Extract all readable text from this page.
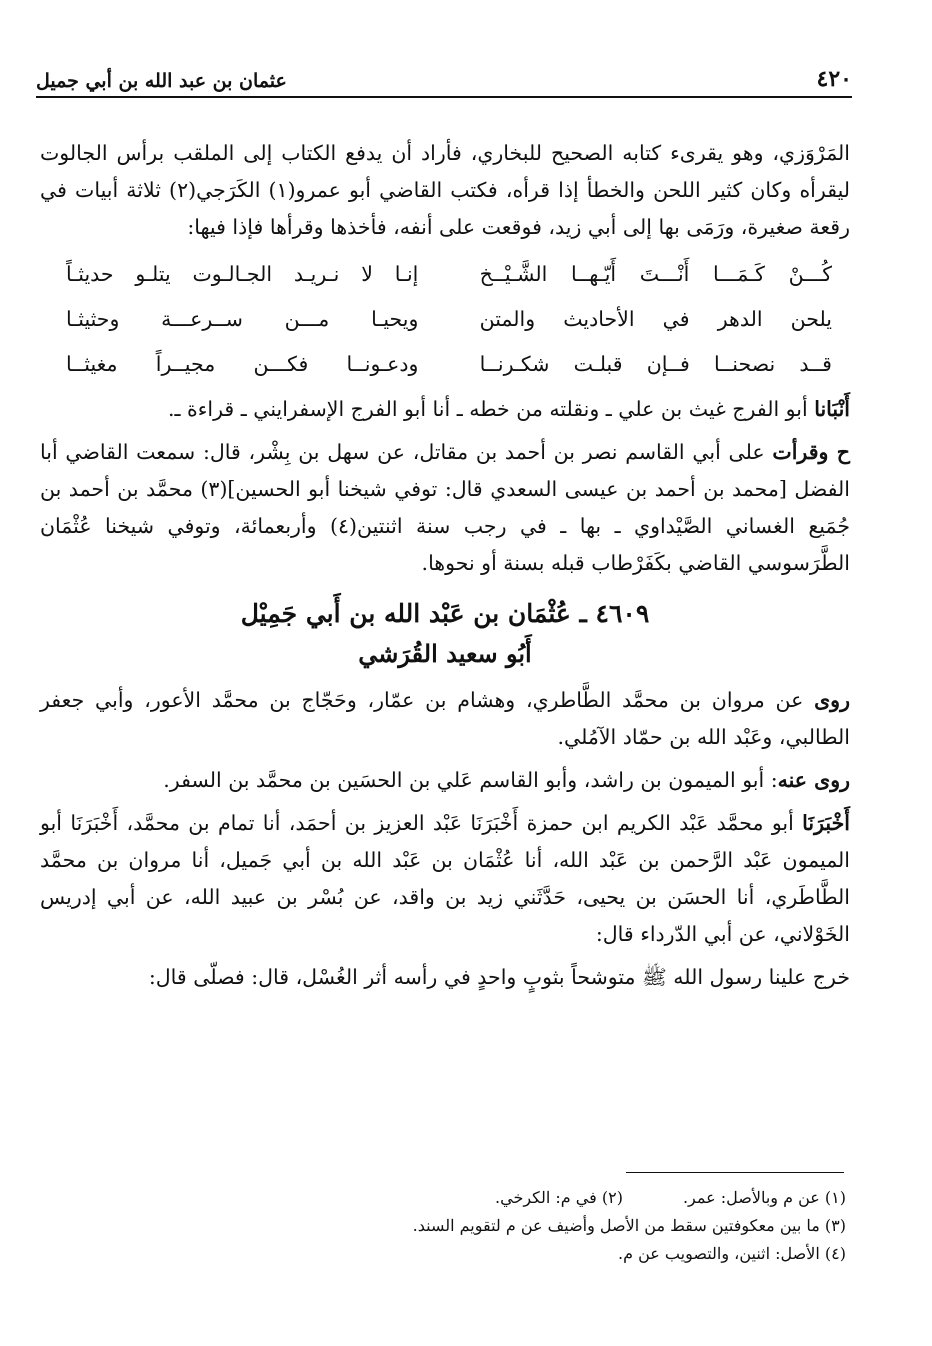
عثمان بن عبد الله بن أبي جميل	٤٢٠

المَرْوَزي، وهو يقرىء كتابه الصحيح للبخاري، فأراد أن يدفع الكتاب إلى الملقب برأس الجالوت ليقرأه وكان كثير اللحن والخطأ إذا قرأه، فكتب القاضي أبو عمرو(١) الكَرَجي(٢) ثلاثة أبيات في رقعة صغيرة، ورَمَى بها إلى أبي زيد، فوقعت على أنفه، فأخذها وقرأها فإذا فيها:

كُـــنْ كَـمَـــا أَنْـــتَ أَيّـهــا الشَّـيْــخ
إنـا لا نـريـد الجـالـوت يتلـو حديثـاً
يلحن الدهر في الأحاديث والمتن
ويحيـا مـــن ســرعـــة وحثيثـا
قــد نصحنــا فــإن قبلـت شكـرنــا
ودعـونــا فكـــن مجيــراً مغيثــا

أَنْبَانا أبو الفرج غيث بن علي ـ ونقلته من خطه ـ أنا أبو الفرج الإسفرايني ـ قراءة ـ.

ح وقرأت على أبي القاسم نصر بن أحمد بن مقاتل، عن سهل بن بِشْر، قال: سمعت القاضي أبا الفضل [محمد بن أحمد بن عيسى السعدي قال: توفي شيخنا أبو الحسين](٣) محمَّد بن أحمد بن جُمَيع الغساني الصَّيْداوي ـ بها ـ في رجب سنة اثنتين(٤) وأربعمائة، وتوفي شيخنا عُثْمَان الطَّرَسوسي القاضي بكَفَرْطاب قبله بسنة أو نحوها.

٤٦٠٩ ـ عُثْمَان بن عَبْد الله بن أَبي جَمِيْل
أَبُو سعيد القُرَشي

روى عن مروان بن محمَّد الطَّاطري، وهشام بن عمّار، وحَجّاج بن محمَّد الأعور، وأبي جعفر الطالبي، وعَبْد الله بن حمّاد الآمُلي.

روى عنه: أبو الميمون بن راشد، وأبو القاسم عَلي بن الحسَين بن محمَّد بن السفر.

أَخْبَرَنَا أبو محمَّد عَبْد الكريم ابن حمزة أَخْبَرَنَا عَبْد العزيز بن أحمَد، أنا تمام بن محمَّد، أَخْبَرَنَا أبو الميمون عَبْد الرَّحمن بن عَبْد الله، أنا عُثْمَان بن عَبْد الله بن أبي جَميل، أنا مروان بن محمَّد الطَّاطَري، أنا الحسَن بن يحيى، حَدَّثَني زيد بن واقد، عن بُسْر بن عبيد الله، عن أبي إدريس الخَوْلاني، عن أبي الدّرداء قال:

خرج علينا رسول الله ﷺ متوشحاً بثوبٍ واحدٍ في رأسه أثر الغُسْل، قال: فصلّى قال:

(١) عن م وبالأصل: عمر.
(٢) في م: الكرخي.
(٣) ما بين معكوفتين سقط من الأصل وأضيف عن م لتقويم السند.
(٤) الأصل: اثنين، والتصويب عن م.
